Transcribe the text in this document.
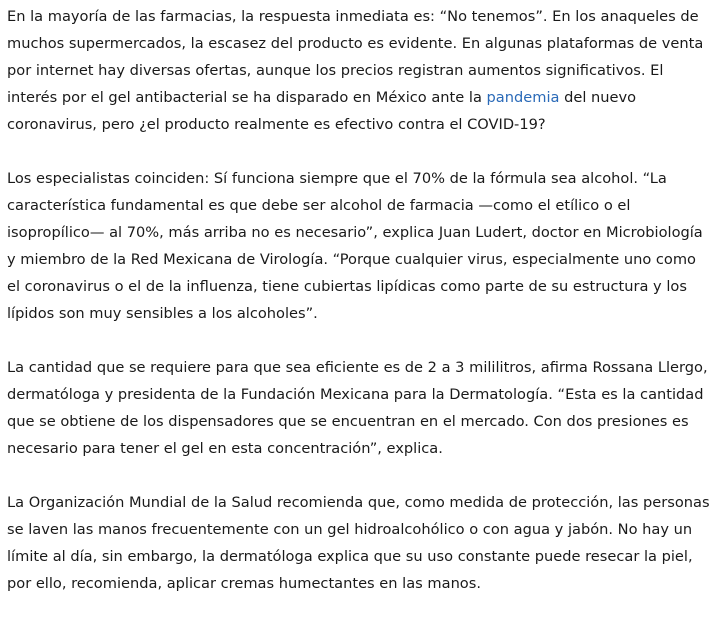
En la mayoría de las farmacias, la respuesta inmediata es: “No tenemos”. En los anaqueles de muchos supermercados, la escasez del producto es evidente. En algunas plataformas de venta por internet hay diversas ofertas, aunque los precios registran aumentos significativos. El interés por el gel antibacterial se ha disparado en México ante la pandemia del nuevo coronavirus, pero ¿el producto realmente es efectivo contra el COVID-19?

Los especialistas coinciden: Sí funciona siempre que el 70% de la fórmula sea alcohol. “La característica fundamental es que debe ser alcohol de farmacia —como el etílico o el isopropílico— al 70%, más arriba no es necesario”, explica Juan Ludert, doctor en Microbiología y miembro de la Red Mexicana de Virología. “Porque cualquier virus, especialmente uno como el coronavirus o el de la influenza, tiene cubiertas lipídicas como parte de su estructura y los lípidos son muy sensibles a los alcoholes”.

La cantidad que se requiere para que sea eficiente es de 2 a 3 mililitros, afirma Rossana Llergo, dermatóloga y presidenta de la Fundación Mexicana para la Dermatología. “Esta es la cantidad que se obtiene de los dispensadores que se encuentran en el mercado. Con dos presiones es necesario para tener el gel en esta concentración”, explica.

La Organización Mundial de la Salud recomienda que, como medida de protección, las personas se laven las manos frecuentemente con un gel hidroalcohólico o con agua y jabón. No hay un límite al día, sin embargo, la dermatóloga explica que su uso constante puede resecar la piel, por ello, recomienda, aplicar cremas humectantes en las manos.
